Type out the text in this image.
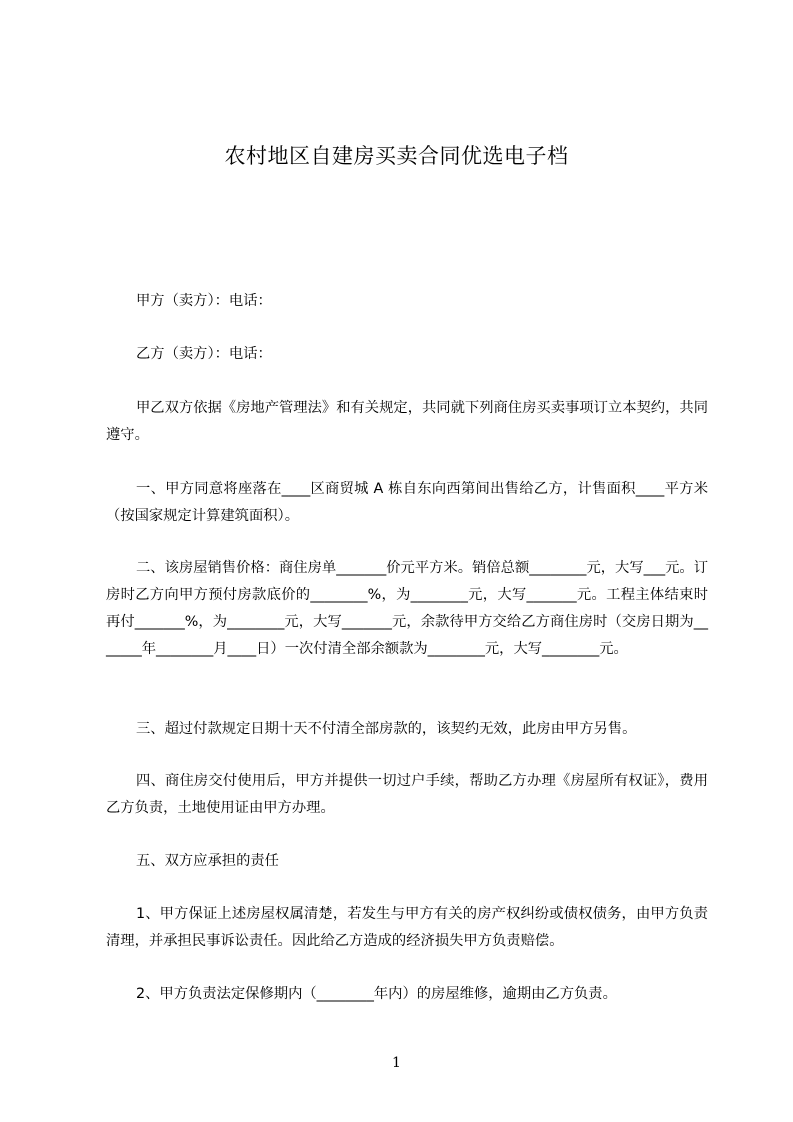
农村地区自建房买卖合同优选电子档
甲方（卖方）：电话：
乙方（卖方）：电话：
甲乙双方依据《房地产管理法》和有关规定，共同就下列商住房买卖事项订立本契约，共同遵守。
一、甲方同意将座落在____区商贸城 A 栋自东向西第间出售给乙方，计售面积____平方米（按国家规定计算建筑面积）。
二、该房屋销售价格：商住房单_______价元平方米。销倍总额________元，大写___元。订房时乙方向甲方预付房款底价的________%，为________元，大写_______元。工程主体结束时再付_______%，为________元，大写_______元，余款待甲方交给乙方商住房时（交房日期为_______年________月____日）一次付清全部余额款为________元，大写________元。
三、超过付款规定日期十天不付清全部房款的，该契约无效，此房由甲方另售。
四、商住房交付使用后，甲方并提供一切过户手续，帮助乙方办理《房屋所有权证》，费用乙方负责，土地使用证由甲方办理。
五、双方应承担的责任
1、甲方保证上述房屋权属清楚，若发生与甲方有关的房产权纠纷或债权债务，由甲方负责清理，并承担民事诉讼责任。因此给乙方造成的经济损失甲方负责赔偿。
2、甲方负责法定保修期内（________年内）的房屋维修，逾期由乙方负责。
1
